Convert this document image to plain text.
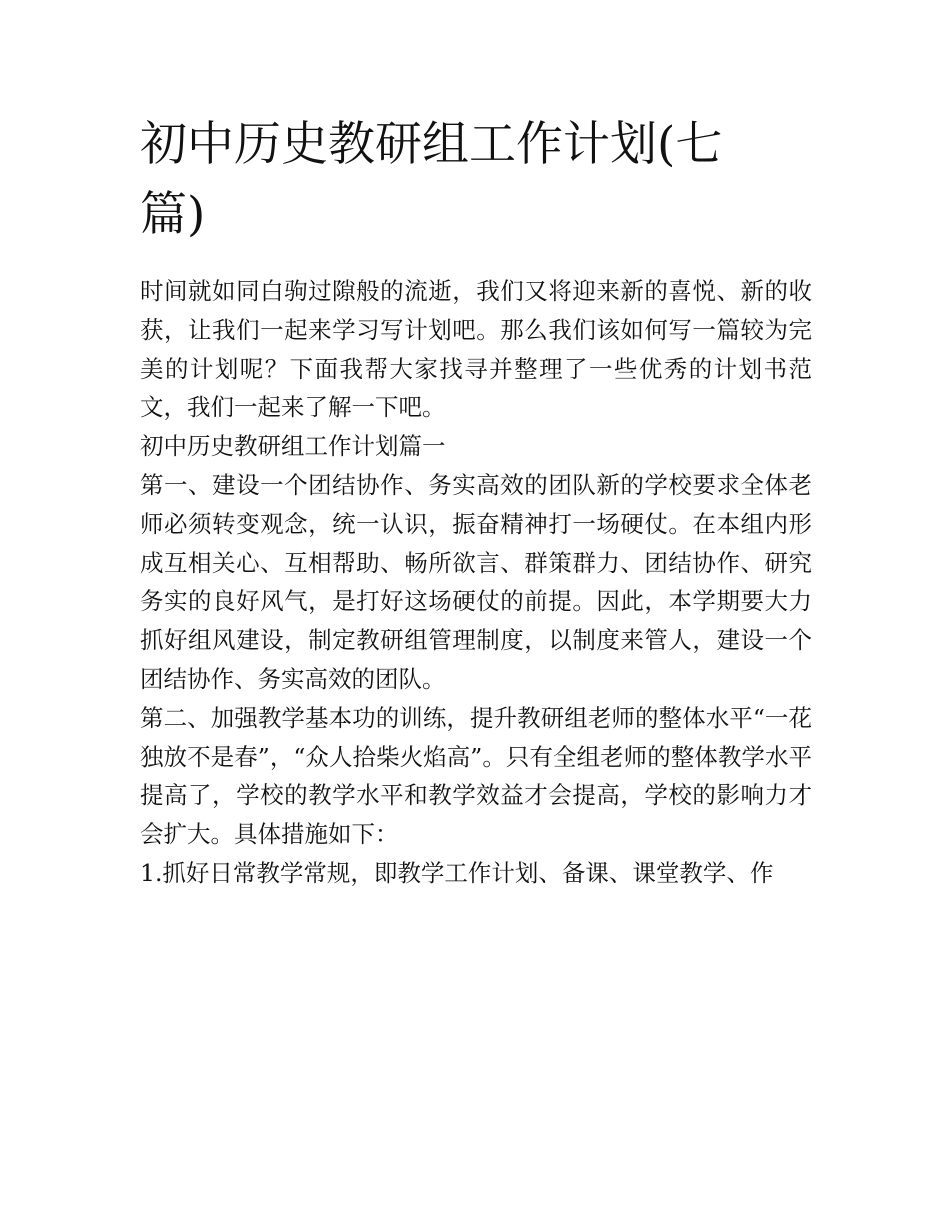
初中历史教研组工作计划(七篇)

时间就如同白驹过隙般的流逝，我们又将迎来新的喜悦、新的收获，让我们一起来学习写计划吧。那么我们该如何写一篇较为完美的计划呢？下面我帮大家找寻并整理了一些优秀的计划书范文，我们一起来了解一下吧。

初中历史教研组工作计划篇一

第一、建设一个团结协作、务实高效的团队新的学校要求全体老师必须转变观念，统一认识，振奋精神打一场硬仗。在本组内形成互相关心、互相帮助、畅所欲言、群策群力、团结协作、研究务实的良好风气，是打好这场硬仗的前提。因此，本学期要大力抓好组风建设，制定教研组管理制度，以制度来管人，建设一个团结协作、务实高效的团队。

第二、加强教学基本功的训练，提升教研组老师的整体水平“一花独放不是春”，“众人拾柴火焰高”。只有全组老师的整体教学水平提高了，学校的教学水平和教学效益才会提高，学校的影响力才会扩大。具体措施如下：

1.抓好日常教学常规，即教学工作计划、备课、课堂教学、作
